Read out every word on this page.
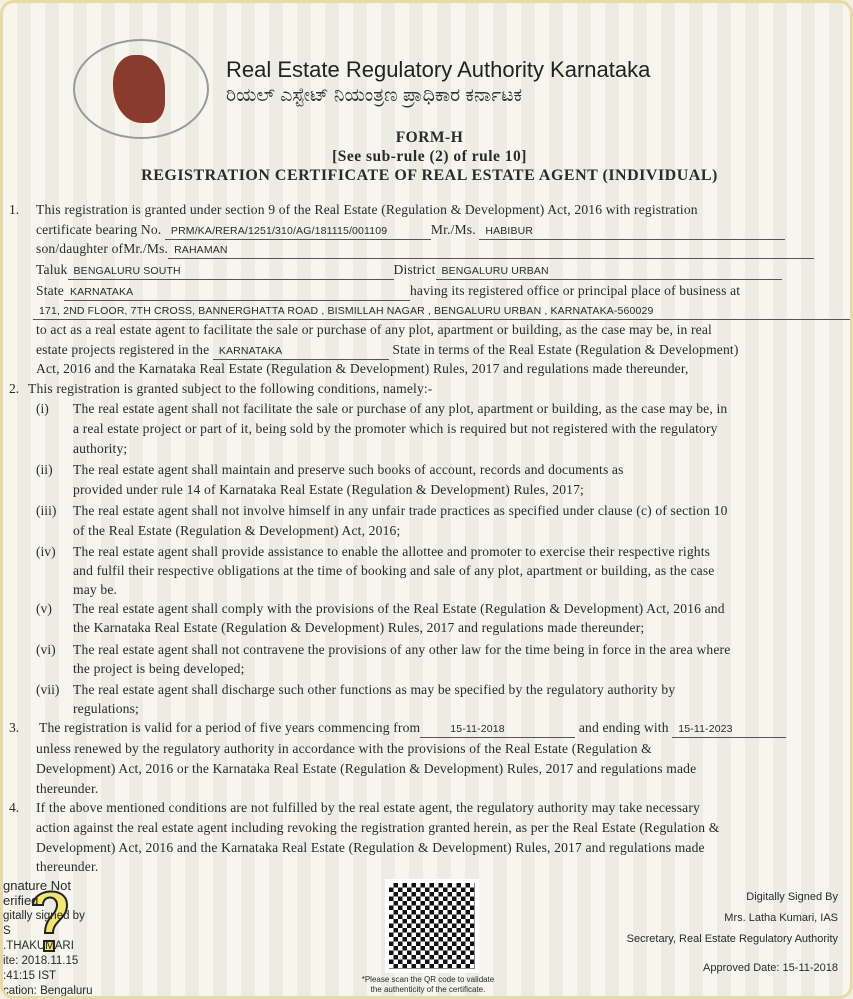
Real Estate Regulatory Authority Karnataka
ರಿಯಲ್ ಎಸ್ಟೇಟ್ ನಿಯಂತ್ರಣ ಪ್ರಾಧಿಕಾರ ಕರ್ನಾಟಕ
FORM-H
[See sub-rule (2) of rule 10]
REGISTRATION CERTIFICATE OF REAL ESTATE AGENT (INDIVIDUAL)
1. This registration is granted under section 9 of the Real Estate (Regulation & Development) Act, 2016 with registration
certificate bearing No. PRM/KA/RERA/1251/310/AG/181115/001109	Mr./Ms. HABIBUR
son/daughter ofMr./Ms. RAHAMAN
Taluk BENGALURU SOUTH	District BENGALURU URBAN
State KARNATAKA	having its registered office or principal place of business at
171, 2ND FLOOR, 7TH CROSS, BANNERGHATTA ROAD , BISMILLAH NAGAR , BENGALURU URBAN , KARNATAKA-560029
to act as a real estate agent to facilitate the sale or purchase of any plot, apartment or building, as the case may be, in real
estate projects registered in the KARNATAKA	State in terms of the Real Estate (Regulation & Development)
Act, 2016 and the Karnataka Real Estate (Regulation & Development) Rules, 2017 and regulations made thereunder,
2. This registration is granted subject to the following conditions, namely:-
(i) The real estate agent shall not facilitate the sale or purchase of any plot, apartment or building, as the case may be, in
a real estate project or part of it, being sold by the promoter which is required but not registered with the regulatory
authority;
(ii) The real estate agent shall maintain and preserve such books of account, records and documents as
provided under rule 14 of Karnataka Real Estate (Regulation & Development) Rules, 2017;
(iii) The real estate agent shall not involve himself in any unfair trade practices as specified under clause (c) of section 10
of the Real Estate (Regulation & Development) Act, 2016;
(iv) The real estate agent shall provide assistance to enable the allottee and promoter to exercise their respective rights
and fulfil their respective obligations at the time of booking and sale of any plot, apartment or building, as the case
may be.
(v) The real estate agent shall comply with the provisions of the Real Estate (Regulation & Development) Act, 2016 and
the Karnataka Real Estate (Regulation & Development) Rules, 2017 and regulations made thereunder;
(vi) The real estate agent shall not contravene the provisions of any other law for the time being in force in the area where
the project is being developed;
(vii) The real estate agent shall discharge such other functions as may be specified by the regulatory authority by
regulations;
3. The registration is valid for a period of five years commencing from	15-11-2018	and ending with 15-11-2023
unless renewed by the regulatory authority in accordance with the provisions of the Real Estate (Regulation &
Development) Act, 2016 or the Karnataka Real Estate (Regulation & Development) Rules, 2017 and regulations made
thereunder.
4. If the above mentioned conditions are not fulfilled by the real estate agent, the regulatory authority may take necessary
action against the real estate agent including revoking the registration granted herein, as per the Real Estate (Regulation &
Development) Act, 2016 and the Karnataka Real Estate (Regulation & Development) Rules, 2017 and regulations made
thereunder.
gnature Not
erified
gitally signed by
S
.THAKUMARI
ite: 2018.11.15
:41:15 IST
cation: Bengaluru
*Please scan the QR code to validate
the authenticity of the certificate.
Digitally Signed By
Mrs. Latha Kumari, IAS
Secretary, Real Estate Regulatory Authority
Approved Date: 15-11-2018
